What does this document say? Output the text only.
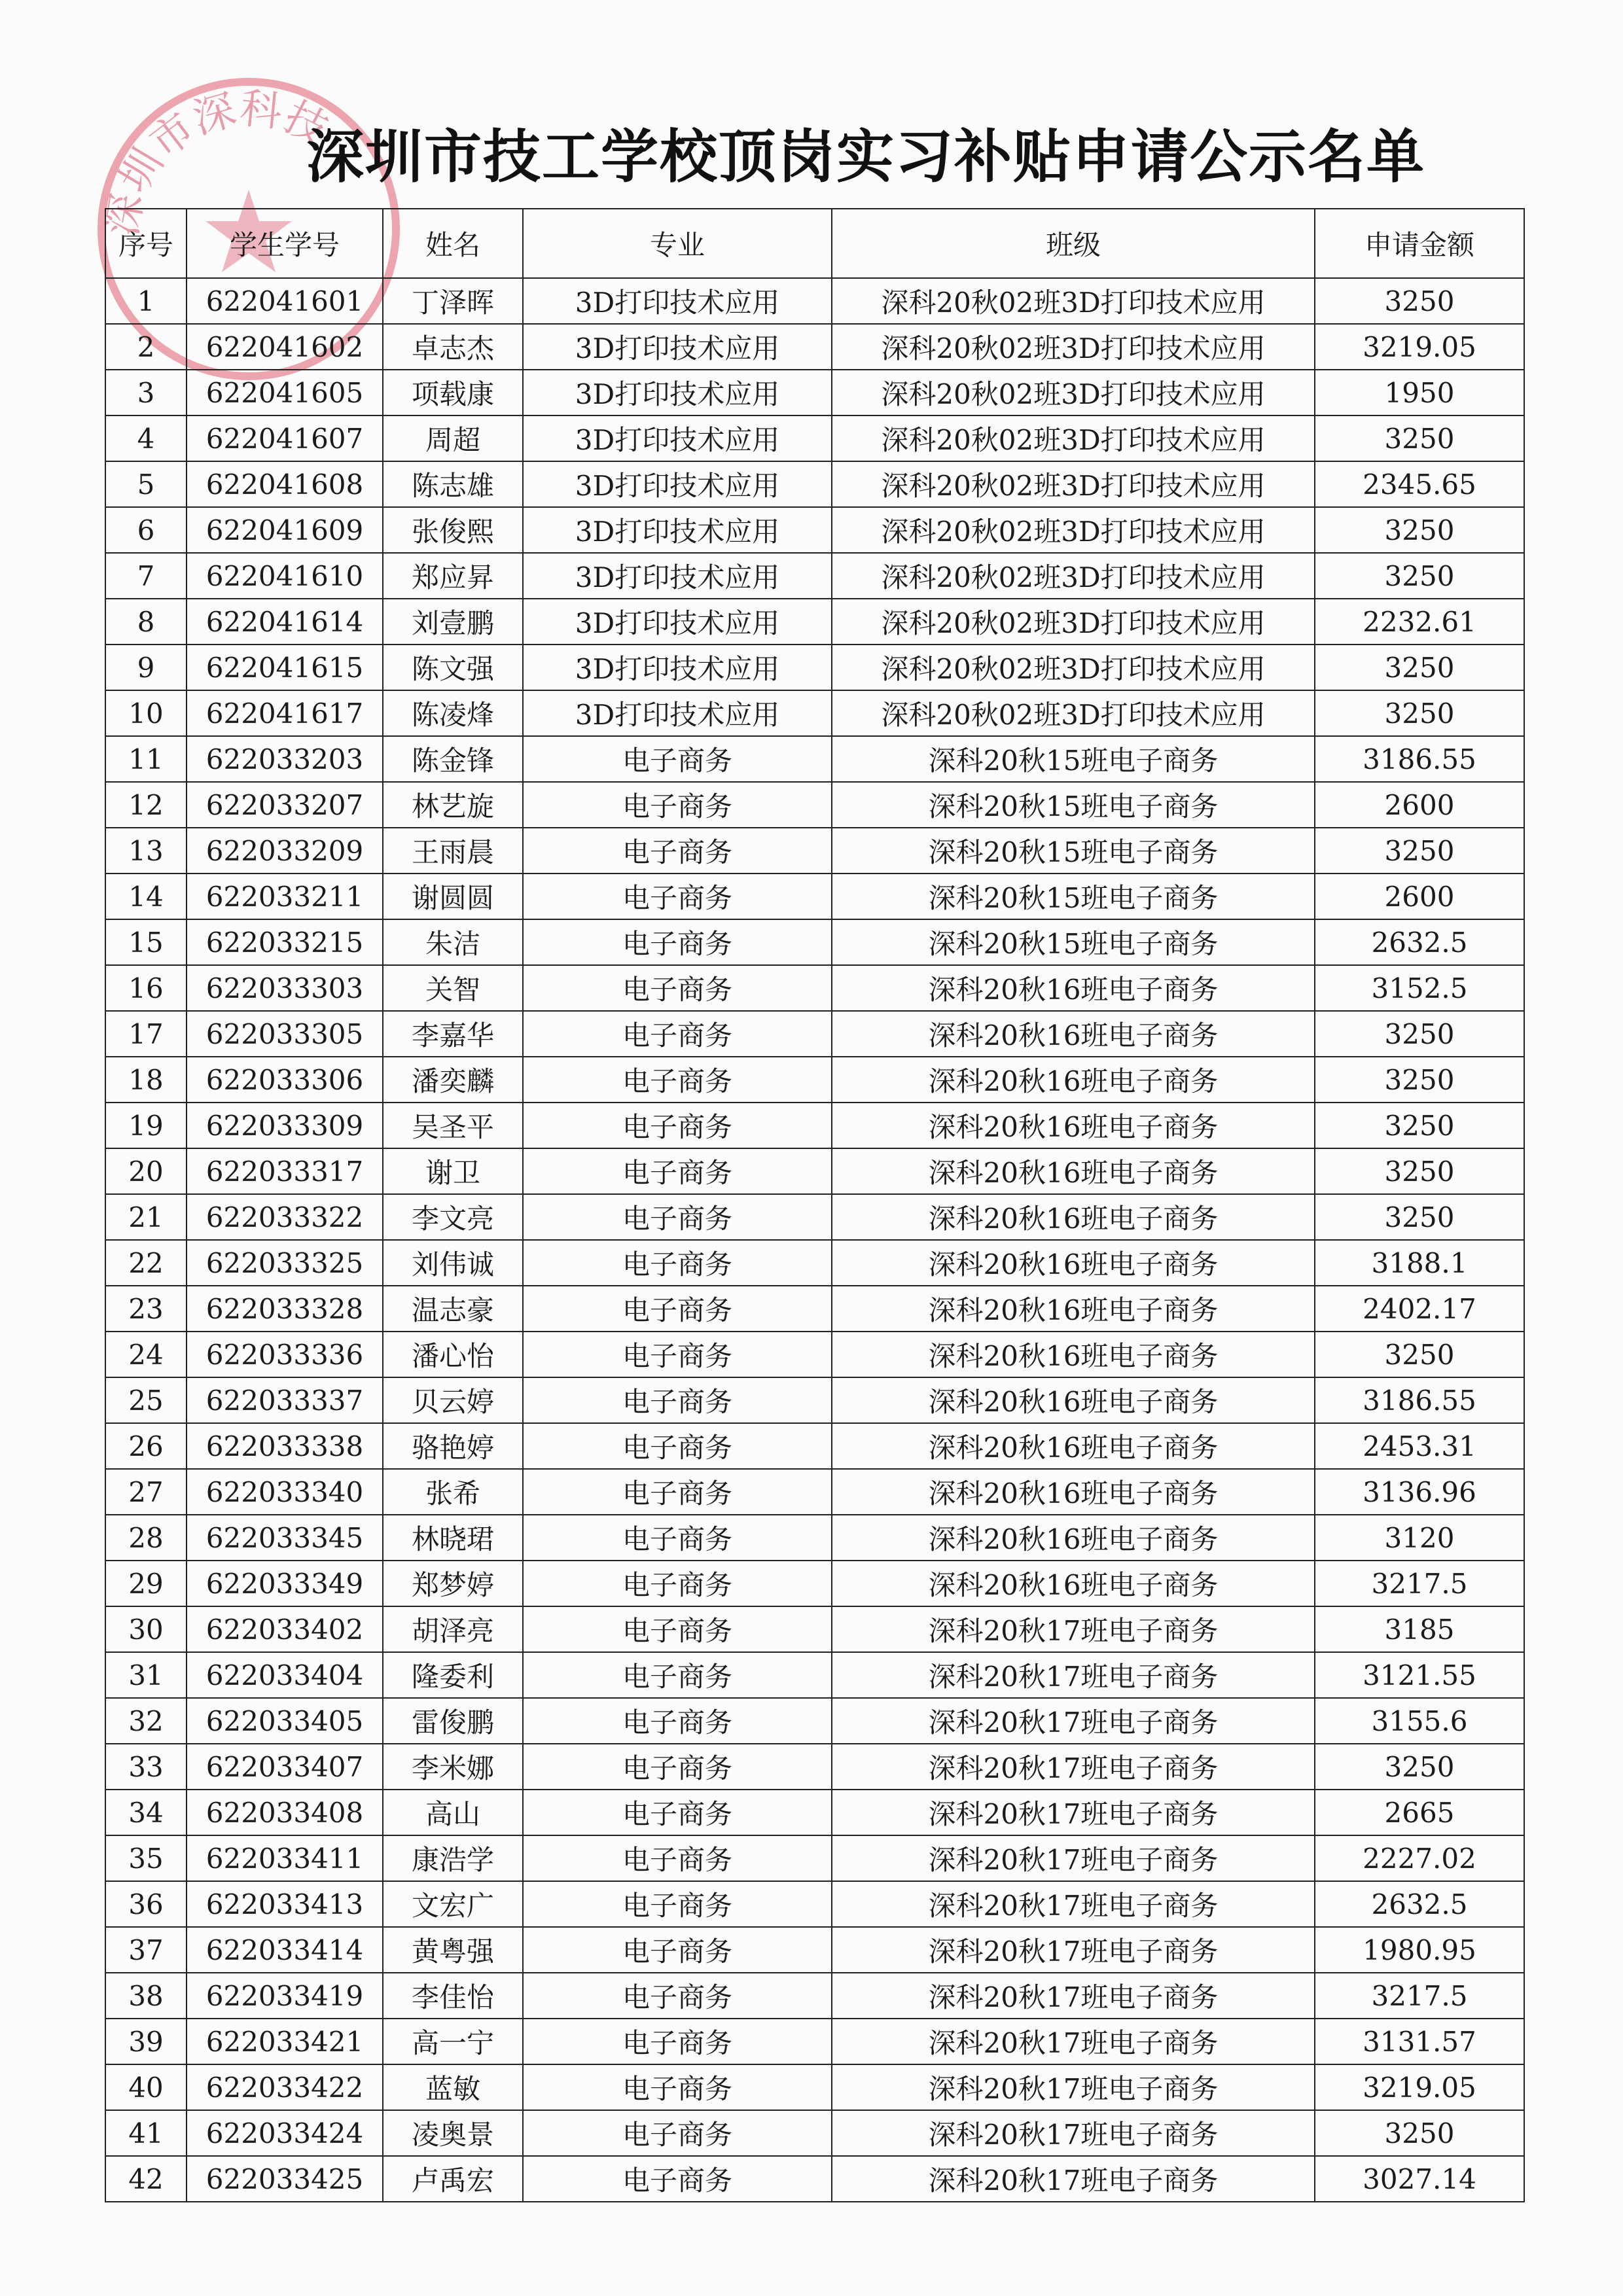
深圳市深科技
深圳市技工学校顶岗实习补贴申请公示名单
序号	学生学号	姓名	专业	班级	申请金额
1	622041601	丁泽晖	3D打印技术应用	深科20秋02班3D打印技术应用	3250
2	622041602	卓志杰	3D打印技术应用	深科20秋02班3D打印技术应用	3219.05
3	622041605	项载康	3D打印技术应用	深科20秋02班3D打印技术应用	1950
4	622041607	周超	3D打印技术应用	深科20秋02班3D打印技术应用	3250
5	622041608	陈志雄	3D打印技术应用	深科20秋02班3D打印技术应用	2345.65
6	622041609	张俊熙	3D打印技术应用	深科20秋02班3D打印技术应用	3250
7	622041610	郑应昇	3D打印技术应用	深科20秋02班3D打印技术应用	3250
8	622041614	刘壹鹏	3D打印技术应用	深科20秋02班3D打印技术应用	2232.61
9	622041615	陈文强	3D打印技术应用	深科20秋02班3D打印技术应用	3250
10	622041617	陈凌烽	3D打印技术应用	深科20秋02班3D打印技术应用	3250
11	622033203	陈金锋	电子商务	深科20秋15班电子商务	3186.55
12	622033207	林艺旋	电子商务	深科20秋15班电子商务	2600
13	622033209	王雨晨	电子商务	深科20秋15班电子商务	3250
14	622033211	谢圆圆	电子商务	深科20秋15班电子商务	2600
15	622033215	朱洁	电子商务	深科20秋15班电子商务	2632.5
16	622033303	关智	电子商务	深科20秋16班电子商务	3152.5
17	622033305	李嘉华	电子商务	深科20秋16班电子商务	3250
18	622033306	潘奕麟	电子商务	深科20秋16班电子商务	3250
19	622033309	吴圣平	电子商务	深科20秋16班电子商务	3250
20	622033317	谢卫	电子商务	深科20秋16班电子商务	3250
21	622033322	李文亮	电子商务	深科20秋16班电子商务	3250
22	622033325	刘伟诚	电子商务	深科20秋16班电子商务	3188.1
23	622033328	温志豪	电子商务	深科20秋16班电子商务	2402.17
24	622033336	潘心怡	电子商务	深科20秋16班电子商务	3250
25	622033337	贝云婷	电子商务	深科20秋16班电子商务	3186.55
26	622033338	骆艳婷	电子商务	深科20秋16班电子商务	2453.31
27	622033340	张希	电子商务	深科20秋16班电子商务	3136.96
28	622033345	林晓珺	电子商务	深科20秋16班电子商务	3120
29	622033349	郑梦婷	电子商务	深科20秋16班电子商务	3217.5
30	622033402	胡泽亮	电子商务	深科20秋17班电子商务	3185
31	622033404	隆委利	电子商务	深科20秋17班电子商务	3121.55
32	622033405	雷俊鹏	电子商务	深科20秋17班电子商务	3155.6
33	622033407	李米娜	电子商务	深科20秋17班电子商务	3250
34	622033408	高山	电子商务	深科20秋17班电子商务	2665
35	622033411	康浩学	电子商务	深科20秋17班电子商务	2227.02
36	622033413	文宏广	电子商务	深科20秋17班电子商务	2632.5
37	622033414	黄粤强	电子商务	深科20秋17班电子商务	1980.95
38	622033419	李佳怡	电子商务	深科20秋17班电子商务	3217.5
39	622033421	高一宁	电子商务	深科20秋17班电子商务	3131.57
40	622033422	蓝敏	电子商务	深科20秋17班电子商务	3219.05
41	622033424	凌奥景	电子商务	深科20秋17班电子商务	3250
42	622033425	卢禹宏	电子商务	深科20秋17班电子商务	3027.14
